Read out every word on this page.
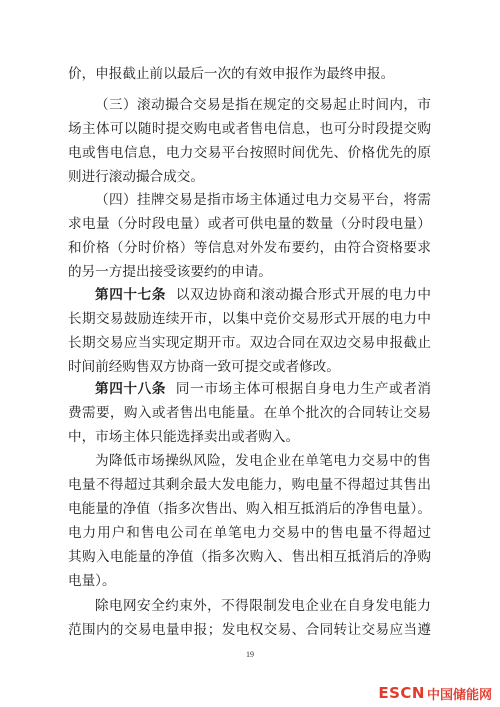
价，申报截止前以最后一次的有效申报作为最终申报。
（三）滚动撮合交易是指在规定的交易起止时间内，市
场主体可以随时提交购电或者售电信息，也可分时段提交购
电或售电信息，电力交易平台按照时间优先、价格优先的原
则进行滚动撮合成交。
（四）挂牌交易是指市场主体通过电力交易平台，将需
求电量（分时段电量）或者可供电量的数量（分时段电量）
和价格（分时价格）等信息对外发布要约，由符合资格要求
的另一方提出接受该要约的申请。
第四十七条 以双边协商和滚动撮合形式开展的电力中
长期交易鼓励连续开市，以集中竞价交易形式开展的电力中
长期交易应当实现定期开市。双边合同在双边交易申报截止
时间前经购售双方协商一致可提交或者修改。
第四十八条 同一市场主体可根据自身电力生产或者消
费需要，购入或者售出电能量。在单个批次的合同转让交易
中，市场主体只能选择卖出或者购入。
为降低市场操纵风险，发电企业在单笔电力交易中的售
电量不得超过其剩余最大发电能力，购电量不得超过其售出
电能量的净值（指多次售出、购入相互抵消后的净售电量）。
电力用户和售电公司在单笔电力交易中的售电量不得超过
其购入电能量的净值（指多次购入、售出相互抵消后的净购
电量）。
除电网安全约束外，不得限制发电企业在自身发电能力
范围内的交易电量申报；发电权交易、合同转让交易应当遵
19
ESCN 中国储能网
